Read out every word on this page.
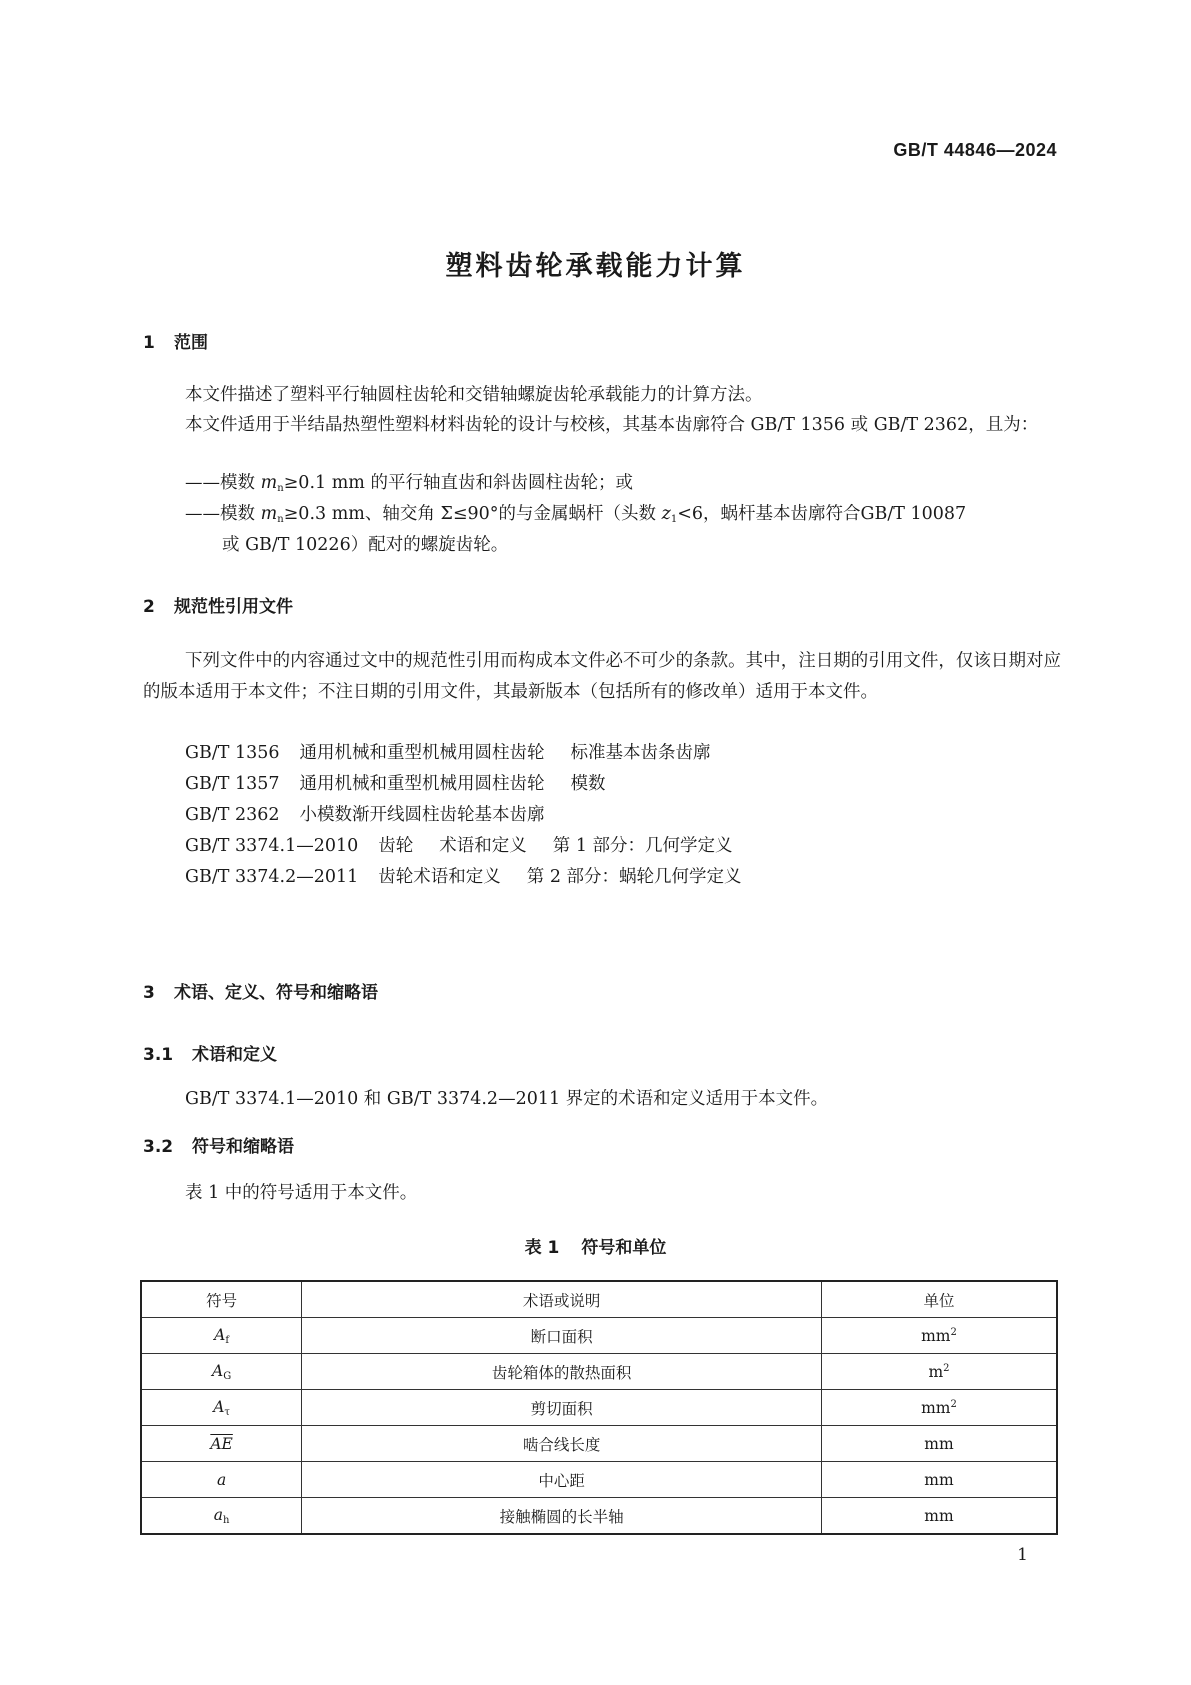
GB/T 44846—2024
塑料齿轮承载能力计算
1 范围
本文件描述了塑料平行轴圆柱齿轮和交错轴螺旋齿轮承载能力的计算方法。
本文件适用于半结晶热塑性塑料材料齿轮的设计与校核，其基本齿廓符合 GB/T 1356 或 GB/T 2362，且为：
——模数 $m_n\ge 0.1$ mm 的平行轴直齿和斜齿圆柱齿轮；或
——模数 $m_n\ge 0.3$ mm、轴交角 Σ≤90°的与金属蜗杆（头数 $z_1<6$，蜗杆基本齿廓符合GB/T 10087
或 GB/T 10226）配对的螺旋齿轮。
2 规范性引用文件
下列文件中的内容通过文中的规范性引用而构成本文件必不可少的条款。其中，注日期的引用文件，仅该日期对应的版本适用于本文件；不注日期的引用文件，其最新版本（包括所有的修改单）适用于本文件。
GB/T 1356 通用机械和重型机械用圆柱齿轮 标准基本齿条齿廓
GB/T 1357 通用机械和重型机械用圆柱齿轮 模数
GB/T 2362 小模数渐开线圆柱齿轮基本齿廓
GB/T 3374.1—2010 齿轮 术语和定义 第 1 部分：几何学定义
GB/T 3374.2—2011 齿轮术语和定义 第 2 部分：蜗轮几何学定义
3 术语、定义、符号和缩略语
3.1 术语和定义
GB/T 3374.1—2010 和 GB/T 3374.2—2011 界定的术语和定义适用于本文件。
3.2 符号和缩略语
表 1 中的符号适用于本文件。
表 1 符号和单位
符号	术语或说明	单位
$A_f$	断口面积	$mm^2$
$A_G$	齿轮箱体的散热面积	$m^2$
$A_\tau$	剪切面积	$mm^2$
$\overline{AE}$	啮合线长度	mm
a	中心距	mm
$a_h$	接触椭圆的长半轴	mm
1
